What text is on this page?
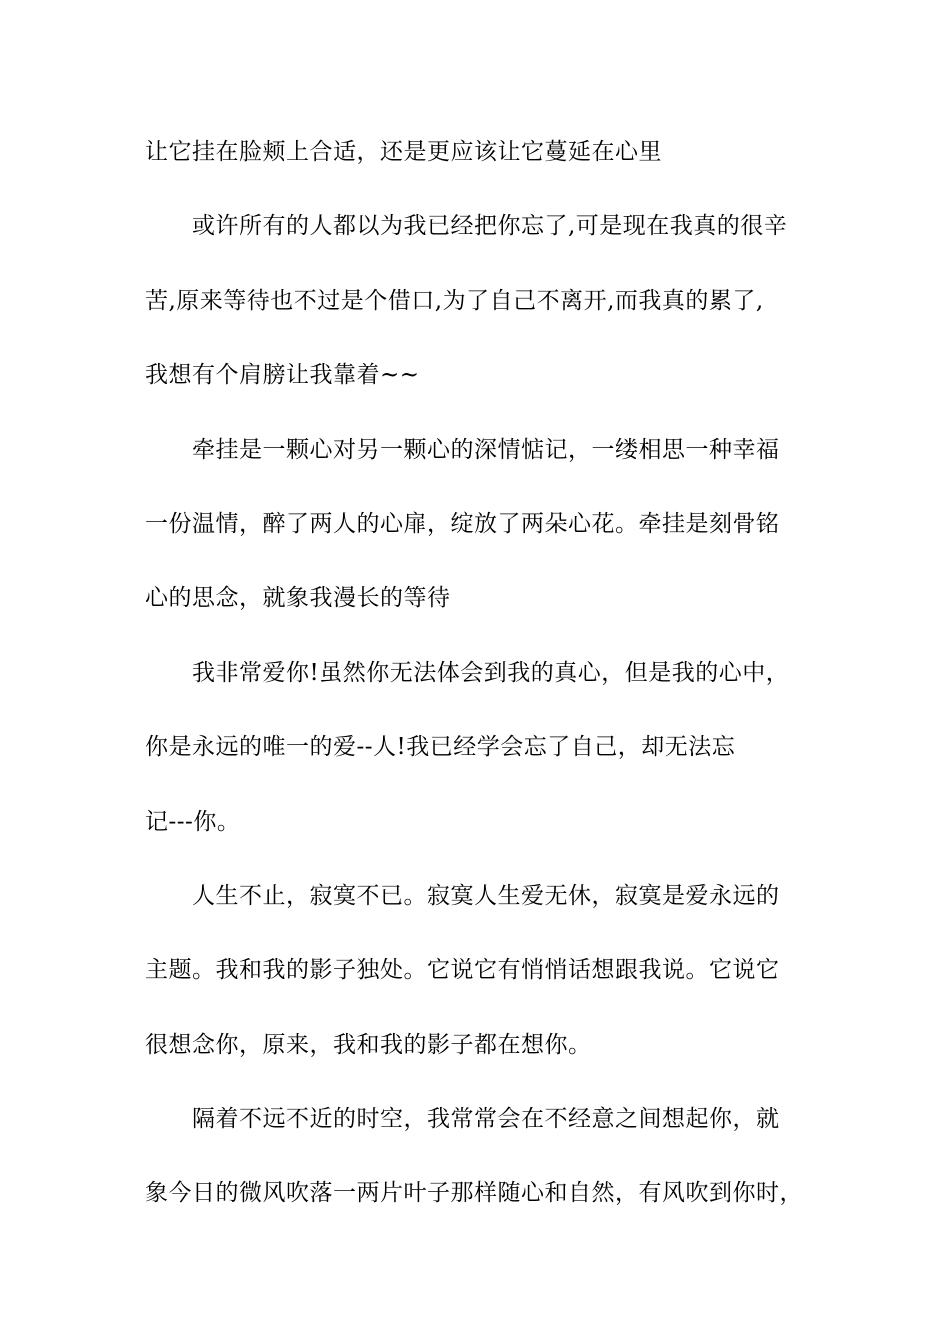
让它挂在脸颊上合适，还是更应该让它蔓延在心里
或许所有的人都以为我已经把你忘了,可是现在我真的很辛
苦,原来等待也不过是个借口,为了自己不离开,而我真的累了,
我想有个肩膀让我靠着~~
牵挂是一颗心对另一颗心的深情惦记，一缕相思一种幸福
一份温情，醉了两人的心扉，绽放了两朵心花。牵挂是刻骨铭
心的思念，就象我漫长的等待
我非常爱你!虽然你无法体会到我的真心，但是我的心中，
你是永远的唯一的爱--人!我已经学会忘了自己，却无法忘
记---你。
人生不止，寂寞不已。寂寞人生爱无休，寂寞是爱永远的
主题。我和我的影子独处。它说它有悄悄话想跟我说。它说它
很想念你，原来，我和我的影子都在想你。
隔着不远不近的时空，我常常会在不经意之间想起你，就
象今日的微风吹落一两片叶子那样随心和自然，有风吹到你时，
